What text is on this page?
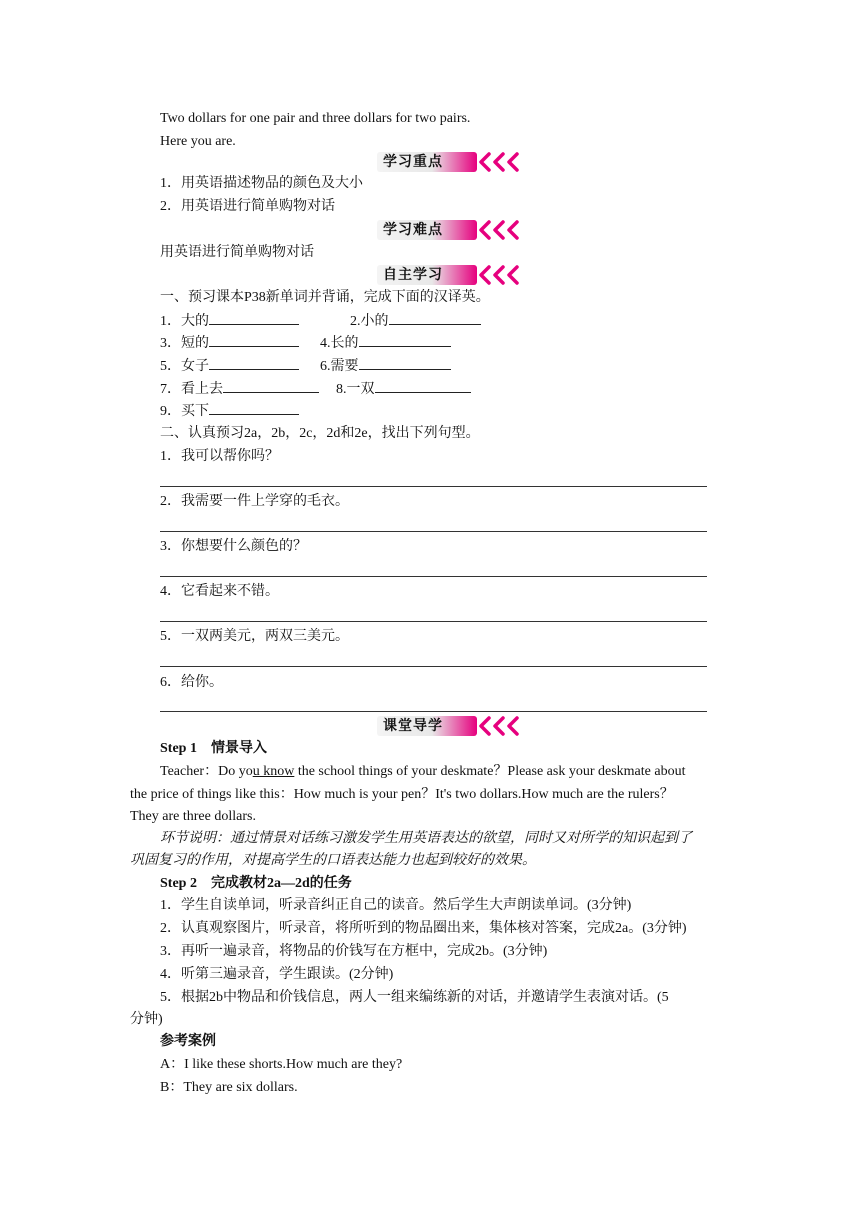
Two dollars for one pair and three dollars for two pairs.
Here you are.
学习重点
1．用英语描述物品的颜色及大小
2．用英语进行简单购物对话
学习难点
用英语进行简单购物对话
自主学习
一、预习课本P38新单词并背诵，完成下面的汉译英。
1．大的	2.小的
3．短的	4.长的
5．女子	6.需要
7．看上去	8.一双
9．买下
二、认真预习2a，2b，2c，2d和2e，找出下列句型。
1．我可以帮你吗？
2．我需要一件上学穿的毛衣。
3．你想要什么颜色的？
4．它看起来不错。
5．一双两美元，两双三美元。
6．给你。
课堂导学
Step 1　情景导入
Teacher：Do you know the school things of your deskmate？Please ask your deskmate about
the price of things like this：How much is your pen？It's two dollars.How much are the rulers？
They are three dollars.
环节说明：通过情景对话练习激发学生用英语表达的欲望，同时又对所学的知识起到了
巩固复习的作用，对提高学生的口语表达能力也起到较好的效果。
Step 2　完成教材2a—2d的任务
1．学生自读单词，听录音纠正自己的读音。然后学生大声朗读单词。(3分钟)
2．认真观察图片，听录音，将所听到的物品圈出来，集体核对答案，完成2a。(3分钟)
3．再听一遍录音，将物品的价钱写在方框中，完成2b。(3分钟)
4．听第三遍录音，学生跟读。(2分钟)
5．根据2b中物品和价钱信息，两人一组来编练新的对话，并邀请学生表演对话。(5
分钟)
参考案例
A：I like these shorts.How much are they?
B：They are six dollars.
